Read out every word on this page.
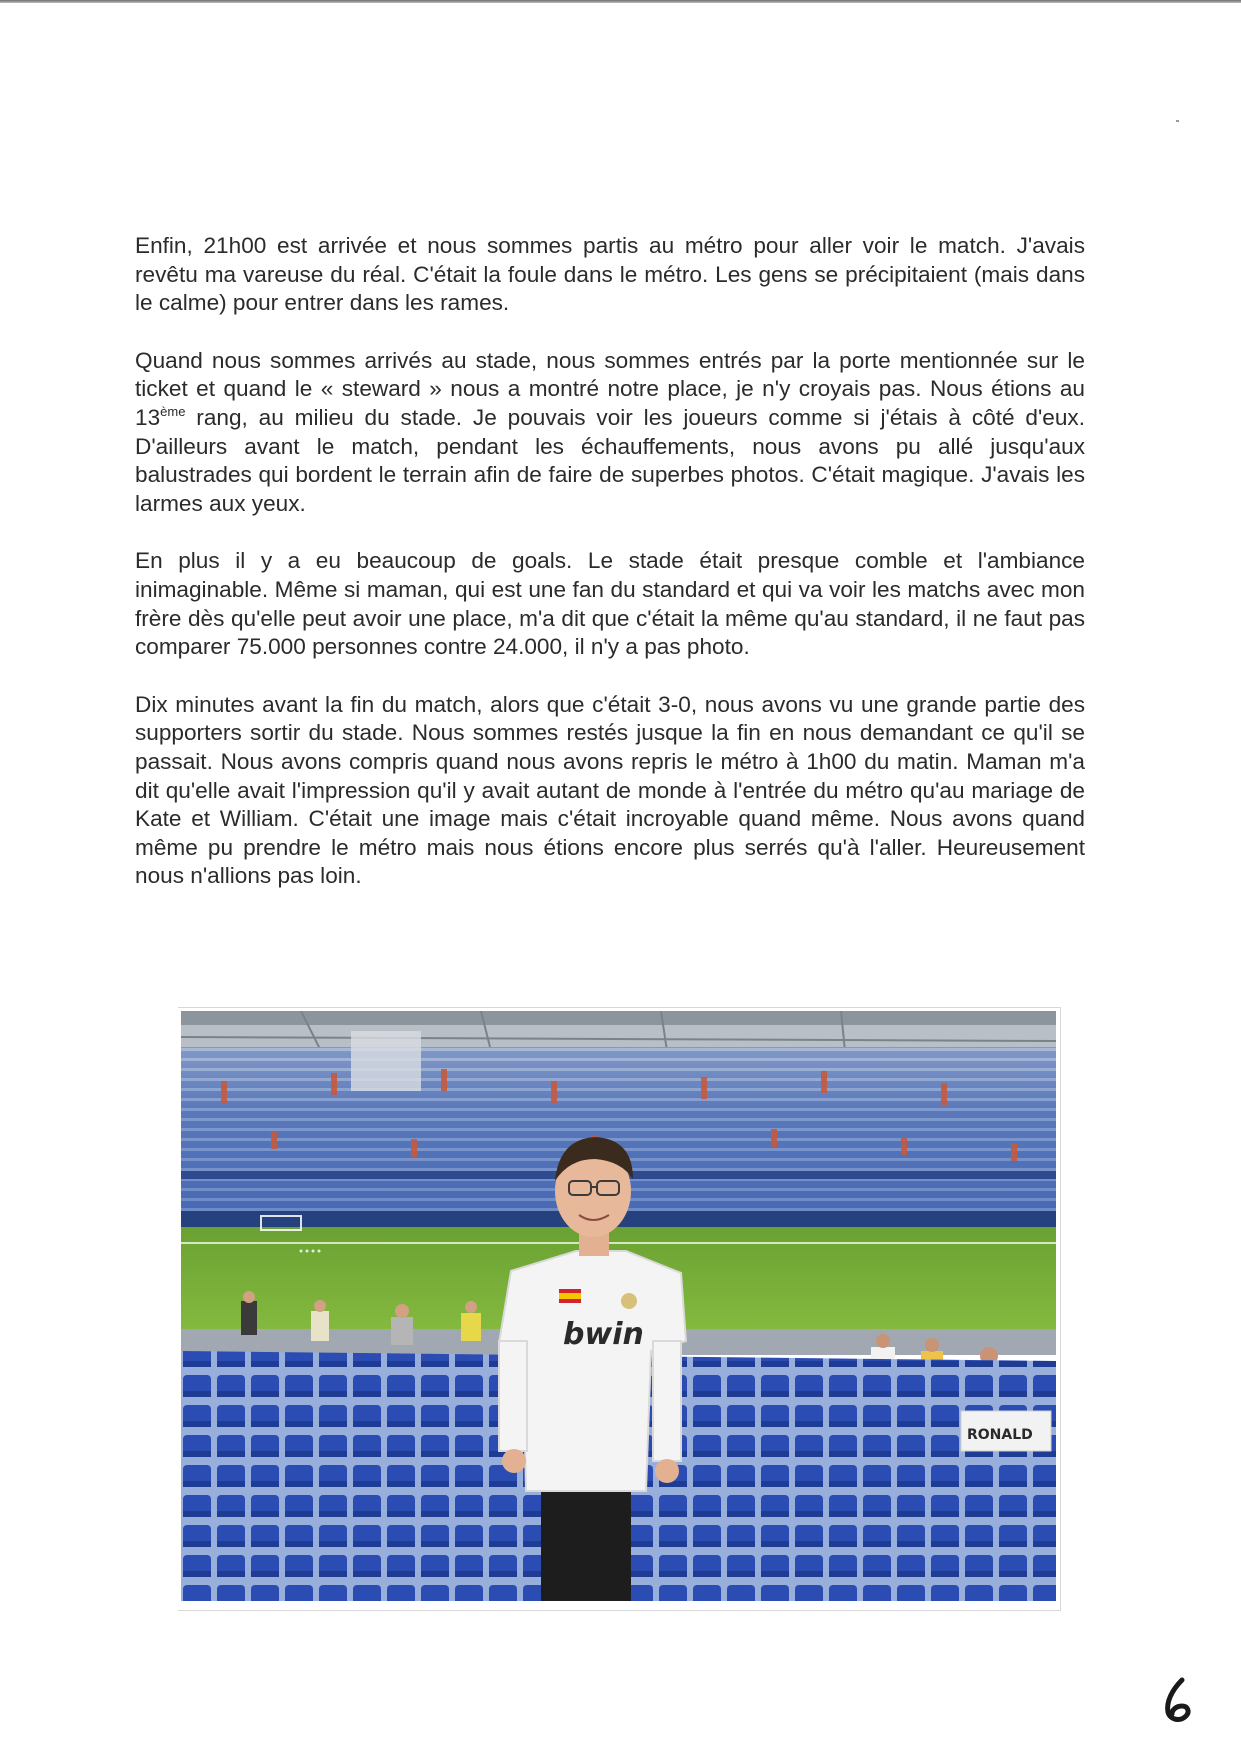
Enfin, 21h00 est arrivée et nous sommes partis au métro pour aller voir le match. J'avais revêtu ma vareuse du réal. C'était la foule dans le métro. Les gens se précipitaient (mais dans le calme) pour entrer dans les rames.

Quand nous sommes arrivés au stade, nous sommes entrés par la porte mentionnée sur le ticket et quand le « steward » nous a montré notre place, je n'y croyais pas. Nous étions au 13ème rang, au milieu du stade. Je pouvais voir les joueurs comme si j'étais à côté d'eux. D'ailleurs avant le match, pendant les échauffements, nous avons pu allé jusqu'aux balustrades qui bordent le terrain afin de faire de superbes photos. C'était magique. J'avais les larmes aux yeux.

En plus il y a eu beaucoup de goals. Le stade était presque comble et l'ambiance inimaginable. Même si maman, qui est une fan du standard et qui va voir les matchs avec mon frère dès qu'elle peut avoir une place, m'a dit que c'était la même qu'au standard, il ne faut pas comparer 75.000 personnes contre 24.000, il n'y a pas photo.

Dix minutes avant la fin du match, alors que c'était 3-0, nous avons vu une grande partie des supporters sortir du stade. Nous sommes restés jusque la fin en nous demandant ce qu'il se passait. Nous avons compris quand nous avons repris le métro à 1h00 du matin. Maman m'a dit qu'elle avait l'impression qu'il y avait autant de monde à l'entrée du métro qu'au mariage de Kate et William. C'était une image mais c'était incroyable quand même. Nous avons quand même pu prendre le métro mais nous étions encore plus serrés qu'à l'aller. Heureusement nous n'allions pas loin.

bwin
RONALD
